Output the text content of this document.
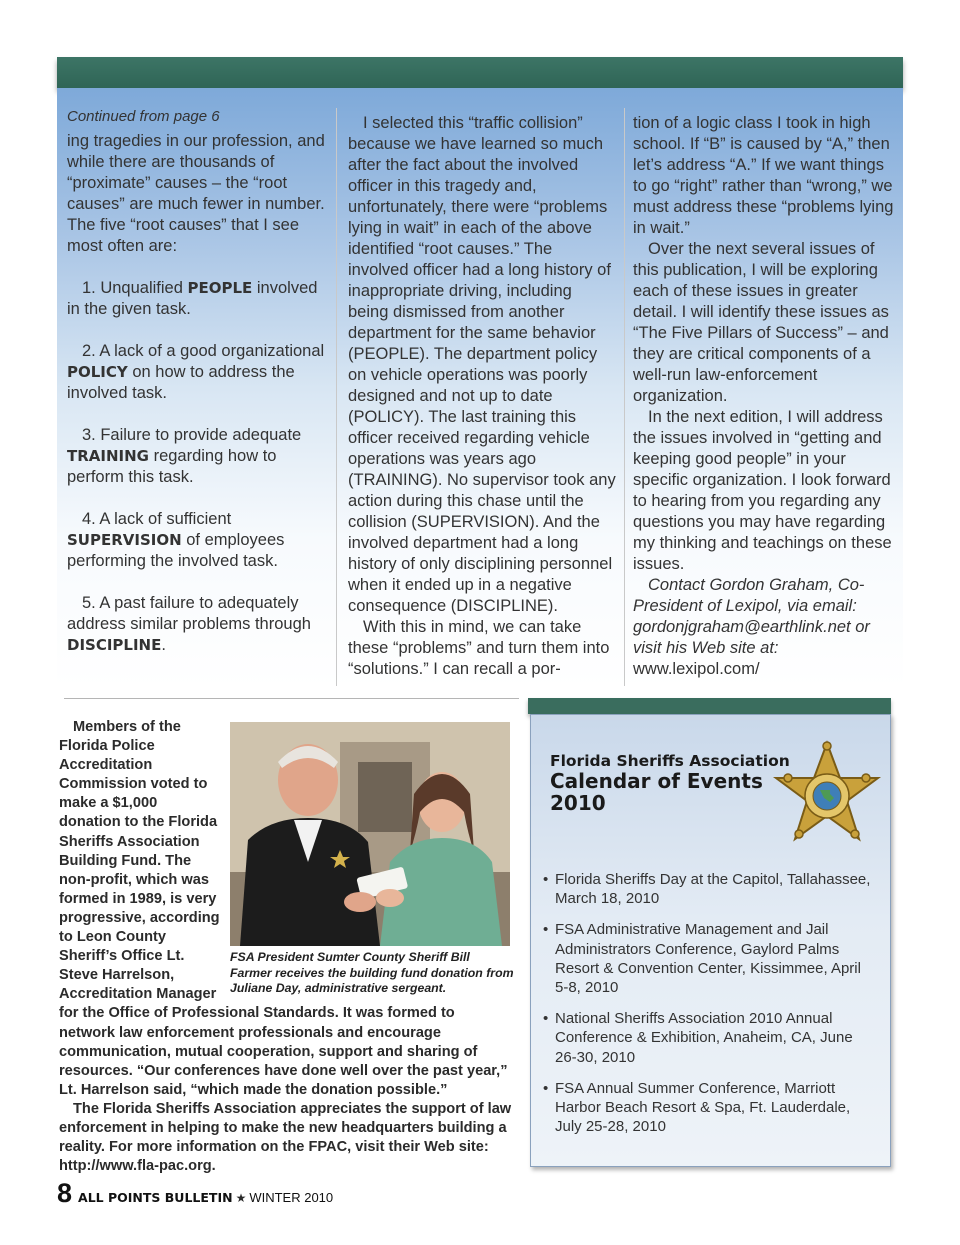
Continued from page 6

ing tragedies in our profession, and while there are thousands of “proximate” causes – the “root causes” are much fewer in number. The five “root causes” that I see most often are:

1. Unqualified PEOPLE involved in the given task.

2. A lack of a good organizational POLICY on how to address the involved task.

3. Failure to provide adequate TRAINING regarding how to perform this task.

4. A lack of sufficient SUPERVISION of employees performing the involved task.

5. A past failure to adequately address similar problems through DISCIPLINE.

I selected this “traffic collision” because we have learned so much after the fact about the involved officer in this tragedy and, unfortunately, there were “problems lying in wait” in each of the above identified “root causes.” The involved officer had a long history of inappropriate driving, including being dismissed from another department for the same behavior (PEOPLE). The department policy on vehicle operations was poorly designed and not up to date (POLICY). The last training this officer received regarding vehicle operations was years ago (TRAINING). No supervisor took any action during this chase until the collision (SUPERVISION). And the involved department had a long history of only disciplining personnel when it ended up in a negative consequence (DISCIPLINE).

With this in mind, we can take these “problems” and turn them into “solutions.” I can recall a por-

tion of a logic class I took in high school. If “B” is caused by “A,” then let’s address “A.” If we want things to go “right” rather than “wrong,” we must address these “problems lying in wait.”

Over the next several issues of this publication, I will be exploring each of these issues in greater detail. I will identify these issues as “The Five Pillars of Success” – and they are critical components of a well-run law-enforcement organization.

In the next edition, I will address the issues involved in “getting and keeping good people” in your specific organization. I look forward to hearing from you regarding any questions you may have regarding my thinking and teachings on these issues.

Contact Gordon Graham, Co-President of Lexipol, via email: gordonjgraham@earthlink.net or visit his Web site at: www.lexipol.com/

FSA President Sumter County Sheriff Bill Farmer receives the building fund donation from Juliane Day, administrative sergeant.

Members of the Florida Police Accreditation Commission voted to make a $1,000 donation to the Florida Sheriffs Association Building Fund. The non-profit, which was formed in 1989, is very progressive, according to Leon County Sheriff’s Office Lt. Steve Harrelson, Accreditation Manager for the Office of Professional Standards. It was formed to network law enforcement professionals and encourage communication, mutual cooperation, support and sharing of resources. “Our conferences have done well over the past year,” Lt. Harrelson said, “which made the donation possible.”

The Florida Sheriffs Association appreciates the support of law enforcement in helping to make the new headquarters building a reality. For more information on the FPAC, visit their Web site: http://www.fla-pac.org.

Florida Sheriffs Association
Calendar of Events 2010
• Florida Sheriffs Day at the Capitol, Tallahassee, March 18, 2010
• FSA Administrative Management and Jail Administrators Conference, Gaylord Palms Resort & Convention Center, Kissimmee, April 5-8, 2010
• National Sheriffs Association 2010 Annual Conference & Exhibition, Anaheim, CA, June 26-30, 2010
• FSA Annual Summer Conference, Marriott Harbor Beach Resort & Spa, Ft. Lauderdale, July 25-28, 2010
8 ALL POINTS BULLETIN ★ WINTER 2010
